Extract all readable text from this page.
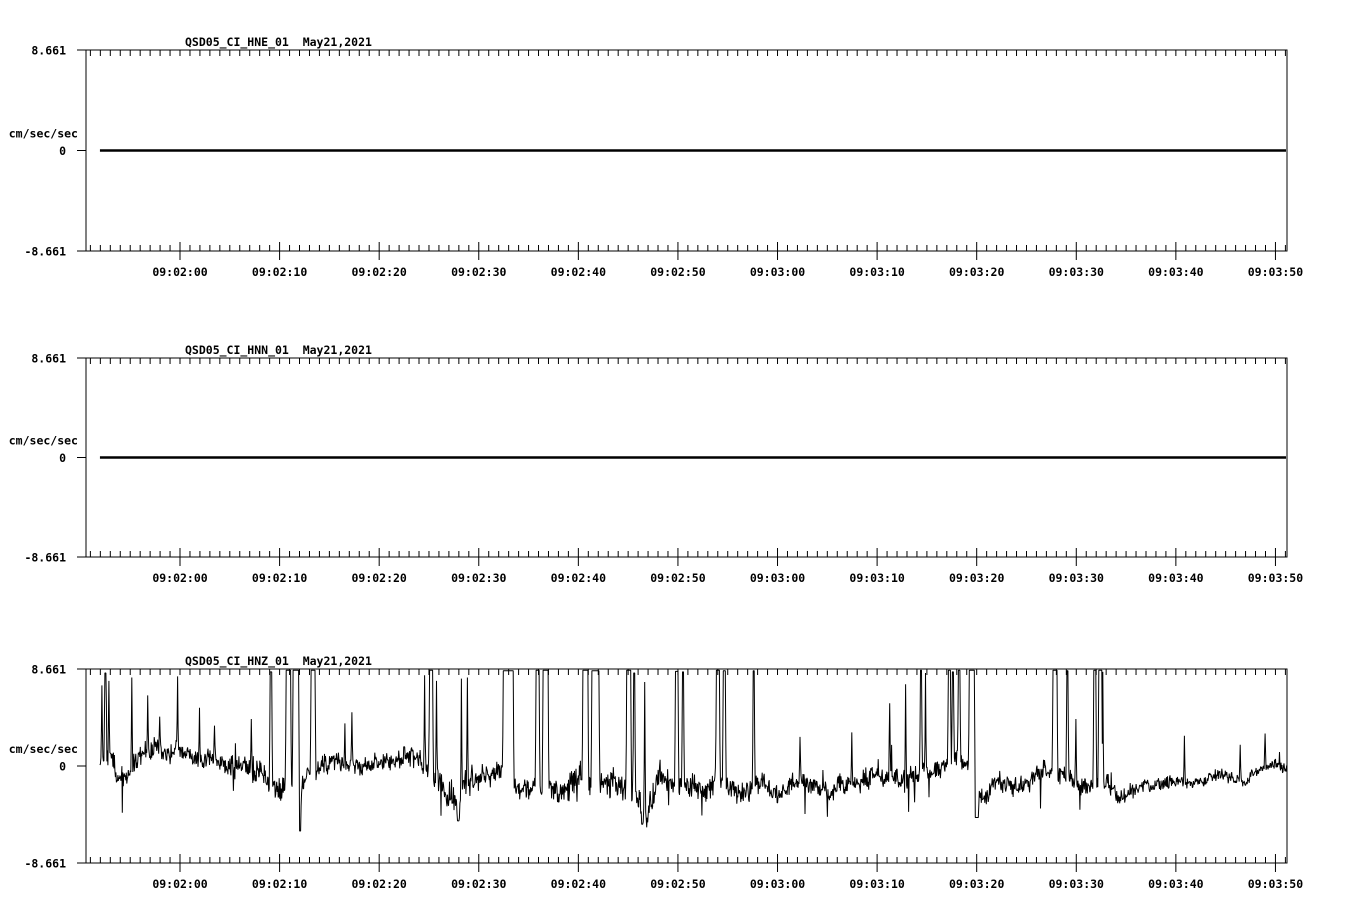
QSD05_CI_HNE_01  May21,2021
8.661
cm/sec/sec
0
-8.661
09:02:00	09:02:10	09:02:20	09:02:30	09:02:40	09:02:50	09:03:00	09:03:10	09:03:20	09:03:30	09:03:40	09:03:50
QSD05_CI_HNN_01  May21,2021
8.661
cm/sec/sec
0
-8.661
09:02:00	09:02:10	09:02:20	09:02:30	09:02:40	09:02:50	09:03:00	09:03:10	09:03:20	09:03:30	09:03:40	09:03:50
QSD05_CI_HNZ_01  May21,2021
8.661
cm/sec/sec
0
-8.661
09:02:00	09:02:10	09:02:20	09:02:30	09:02:40	09:02:50	09:03:00	09:03:10	09:03:20	09:03:30	09:03:40	09:03:50
